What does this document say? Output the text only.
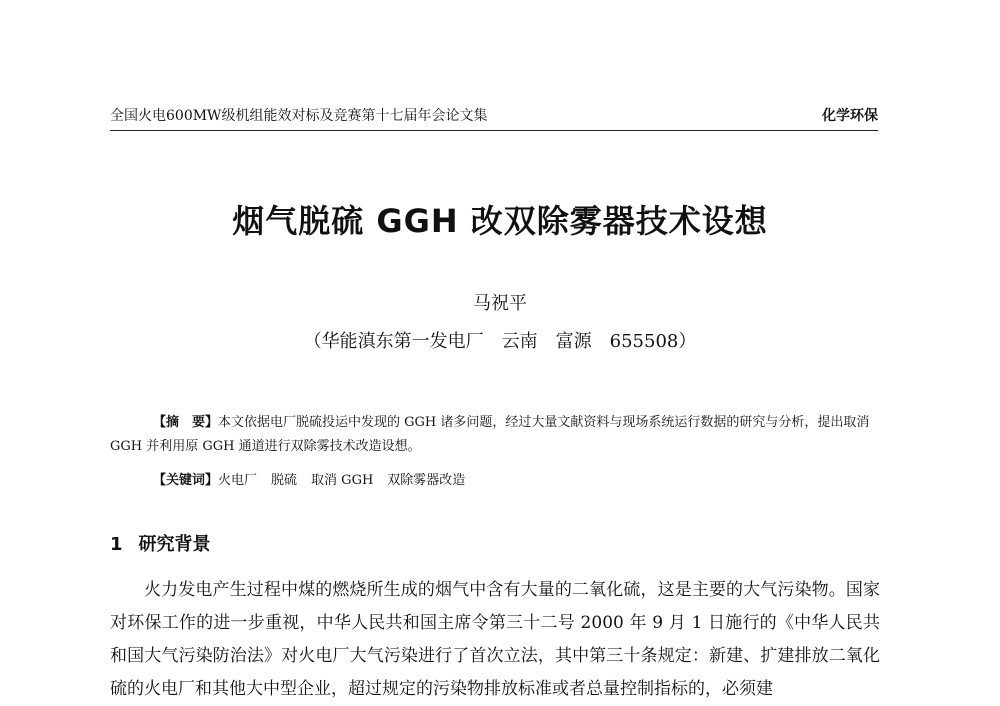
全国火电600MW级机组能效对标及竞赛第十七届年会论文集	化学环保
烟气脱硫 GGH 改双除雾器技术设想
马祝平
（华能滇东第一发电厂　云南　富源　655508）
【摘　要】本文依据电厂脱硫投运中发现的 GGH 诸多问题，经过大量文献资料与现场系统运行数据的研究与分析，提出取消 GGH 并利用原 GGH 通道进行双除雾技术改造设想。
【关键词】火电厂 脱硫 取消 GGH 双除雾器改造
1 研究背景
火力发电产生过程中煤的燃烧所生成的烟气中含有大量的二氧化硫，这是主要的大气污染物。国家对环保工作的进一步重视，中华人民共和国主席令第三十二号 2000 年 9 月 1 日施行的《中华人民共和国大气污染防治法》对火电厂大气污染进行了首次立法，其中第三十条规定：新建、扩建排放二氧化硫的火电厂和其他大中型企业，超过规定的污染物排放标准或者总量控制指标的，必须建
